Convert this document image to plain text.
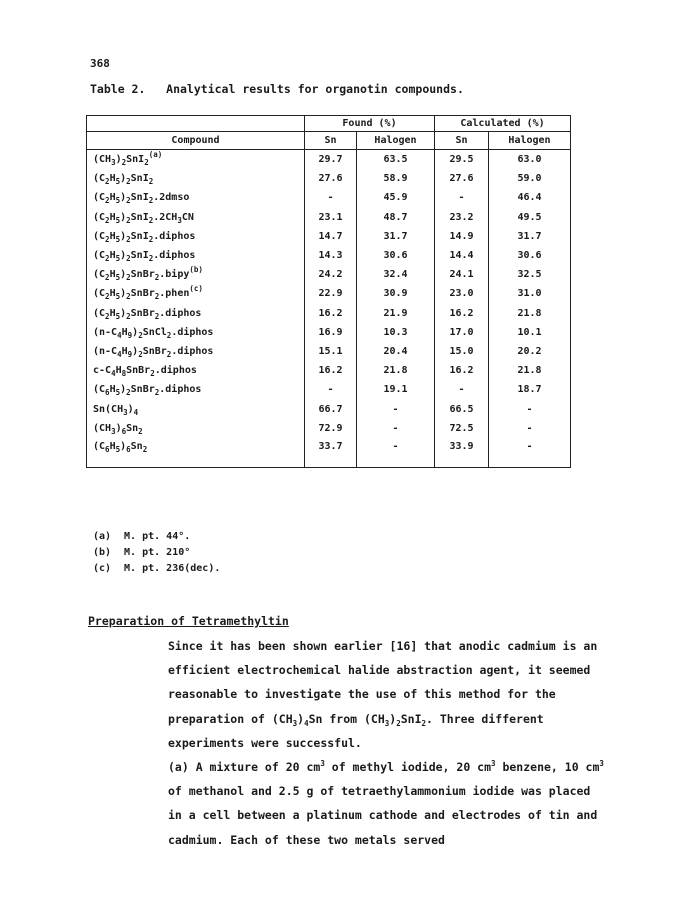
368
Table 2.   Analytical results for organotin compounds.
	Found (%)		Calculated (%)	
Compound	Sn	Halogen	Sn	Halogen
$(CH_3)_2SnI_2^{(a)}$	29.7	63.5	29.5	63.0
$(C_2H_5)_2SnI_2$	27.6	58.9	27.6	59.0
$(C_2H_5)_2SnI_2.2dmso$	-	45.9	-	46.4
$(C_2H_5)_2SnI_2.2CH_3CN$	23.1	48.7	23.2	49.5
$(C_2H_5)_2SnI_2.diphos$	14.7	31.7	14.9	31.7
$(C_2H_5)_2SnI_2.diphos$	14.3	30.6	14.4	30.6
$(C_2H_5)_2SnBr_2.bipy^{(b)}$	24.2	32.4	24.1	32.5
$(C_2H_5)_2SnBr_2.phen^{(c)}$	22.9	30.9	23.0	31.0
$(C_2H_5)_2SnBr_2.diphos$	16.2	21.9	16.2	21.8
$(n-C_4H_9)_2SnCl_2.diphos$	16.9	10.3	17.0	10.1
$(n-C_4H_9)_2SnBr_2.diphos$	15.1	20.4	15.0	20.2
$c-C_4H_8SnBr_2.diphos$	16.2	21.8	16.2	21.8
$(C_6H_5)_2SnBr_2.diphos$	-	19.1	-	18.7
$Sn(CH_3)_4$	66.7	-	66.5	-
$(CH_3)_6Sn_2$	72.9	-	72.5	-
$(C_6H_5)_6Sn_2$	33.7	-	33.9	-
(a) M. pt. 44°.
(b) M. pt. 210°
(c) M. pt. 236(dec).
Preparation of Tetramethyltin

Since it has been shown earlier [16] that anodic cadmium is an efficient electrochemical halide abstraction agent, it seemed reasonable to investigate the use of this method for the preparation of $(CH_3)_4Sn$ from $(CH_3)_2SnI_2$. Three different experiments were successful.

(a) A mixture of 20 $cm^3$ of methyl iodide, 20 $cm^3$ benzene, 10 $cm^3$ of methanol and 2.5 g of tetraethylammonium iodide was placed in a cell between a platinum cathode and electrodes of tin and cadmium. Each of these two metals served
